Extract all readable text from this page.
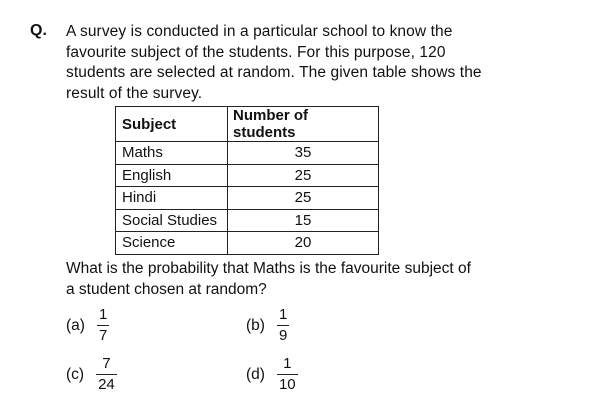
Q. A survey is conducted in a particular school to know the
favourite subject of the students. For this purpose, 120
students are selected at random. The given table shows the
result of the survey.
Subject	Number of students
Maths	35
English	25
Hindi	25
Social Studies	15
Science	20
What is the probability that Maths is the favourite subject of
a student chosen at random?
$(a) \frac{1}{7}$	$(b) \frac{1}{9}$
$(c) \frac{7}{24}$	$(d) \frac{1}{10}$
